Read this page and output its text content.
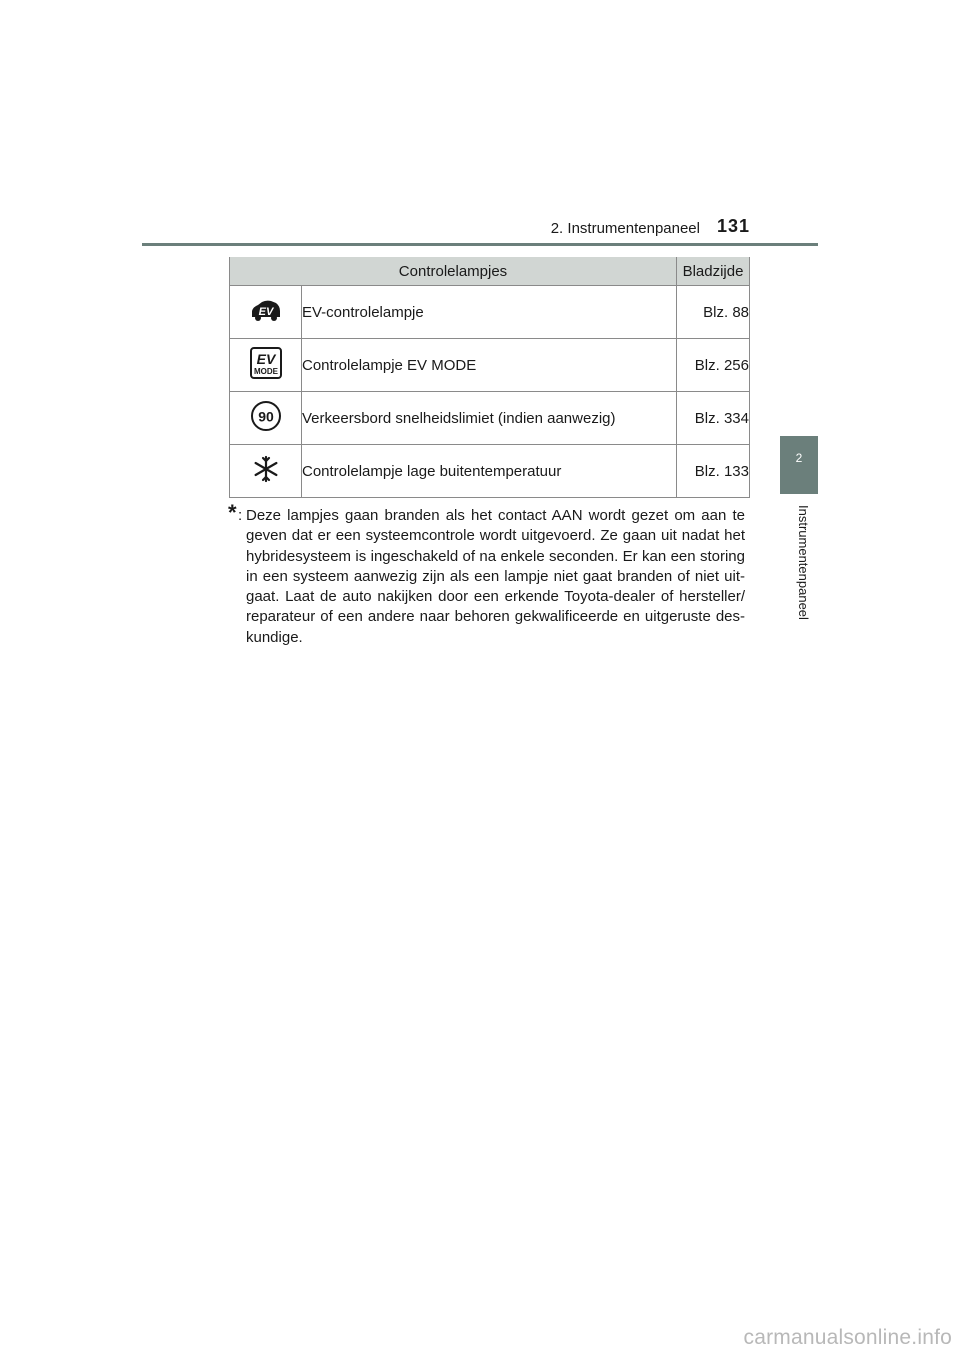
2. Instrumentenpaneel 131
2
Instrumentenpaneel
Controlelampjes		Bladzijde

EV	EV-controlelampje	Blz. 88

EV
MODE	Controlelampje EV MODE	Blz. 256

90	Verkeersbord snelheidslimiet (indien aanwezig)	Blz. 334
	Controlelampje lage buitentemperatuur	Blz. 133
* : Deze lampjes gaan branden als het contact AAN wordt gezet om aan te
geven dat er een systeemcontrole wordt uitgevoerd. Ze gaan uit nadat het
hybridesysteem is ingeschakeld of na enkele seconden. Er kan een storing
in een systeem aanwezig zijn als een lampje niet gaat branden of niet uit-
gaat. Laat de auto nakijken door een erkende Toyota-dealer of hersteller/
reparateur of een andere naar behoren gekwalificeerde en uitgeruste des-
kundige.
carmanualsonline.info
